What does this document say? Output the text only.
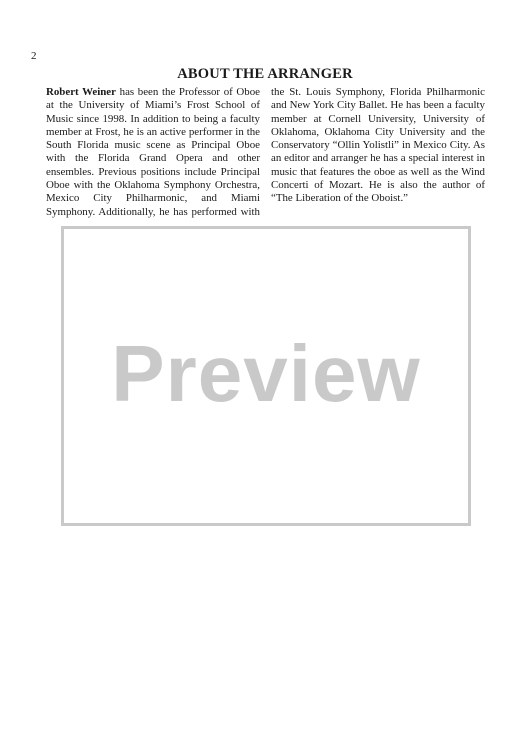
2
ABOUT THE ARRANGER

Robert Weiner has been the Professor of Oboe at the University of Miami’s Frost School of Music since 1998. In addition to being a faculty member at Frost, he is an active performer in the South Florida music scene as Principal Oboe with the Florida Grand Opera and other ensembles. Previous positions include Principal Oboe with the Oklahoma Symphony Orchestra, Mexico City Philharmonic, and Miami Symphony. Additionally, he has performed with the St. Louis Symphony, Florida Philharmonic and New York City Ballet. He has been a faculty member at Cornell University, University of Oklahoma, Oklahoma City University and the Conservatory “Ollin Yolistli” in Mexico City. As an editor and arranger he has a special interest in music that features the oboe as well as the Wind Concerti of Mozart. He is also the author of “The Liberation of the Oboist.”

Preview
